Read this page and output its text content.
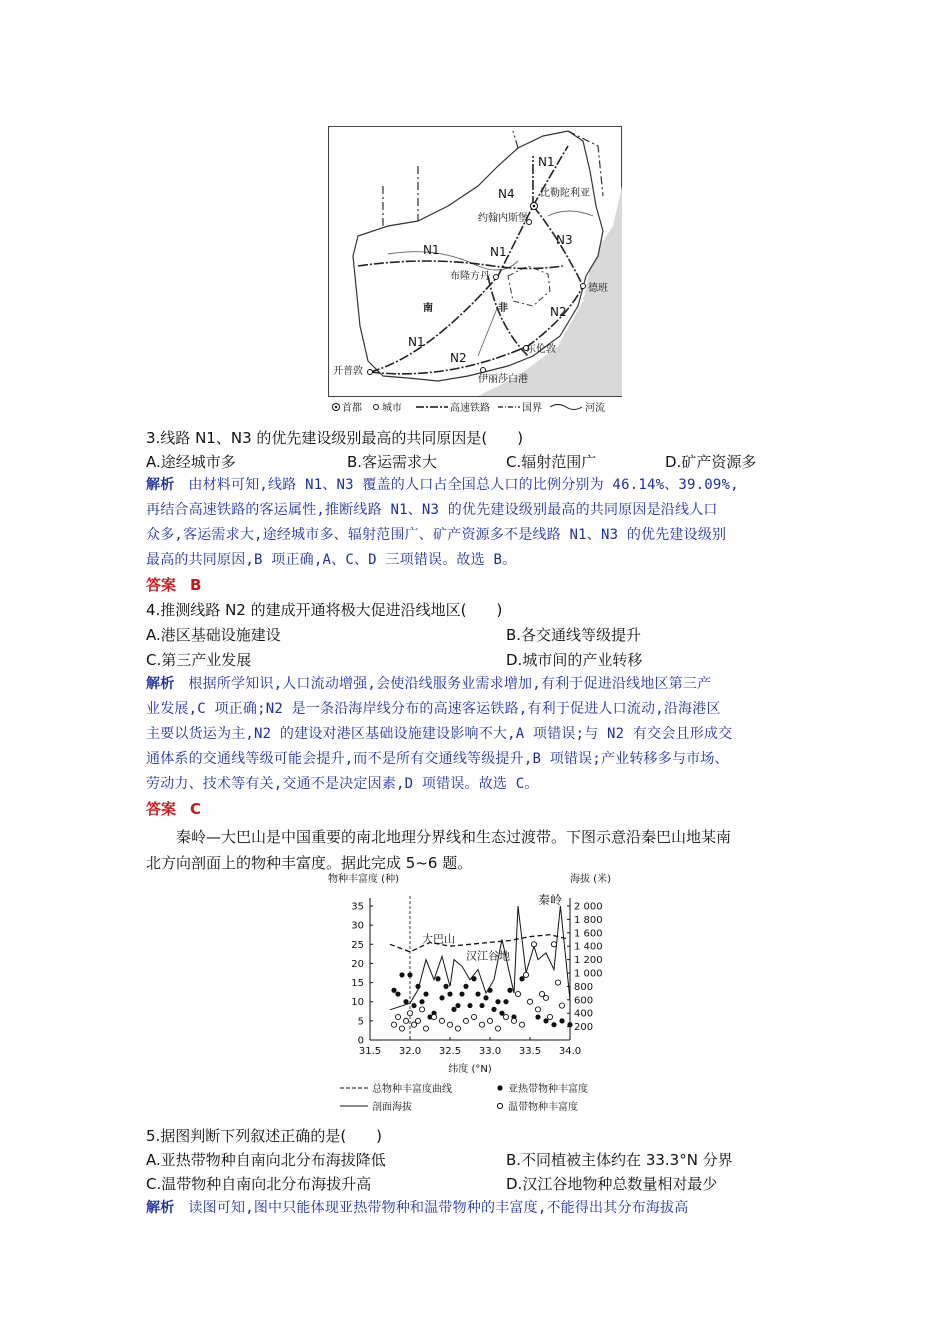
比勒陀利亚
约翰内斯堡
布隆方丹
德班
东伦敦
伊丽莎白港
开普敦
南	非
N1
N4
N1
N3
N1
N2
N1
N2
首都 城市	高速铁路	国界	河流
3.线路 N1、N3 的优先建设级别最高的共同原因是(　　)
A.途经城市多	B.客运需求大	C.辐射范围广	D.矿产资源多
解析 由材料可知,线路 N1、N3 覆盖的人口占全国总人口的比例分别为 46.14%、39.09%,
再结合高速铁路的客运属性,推断线路 N1、N3 的优先建设级别最高的共同原因是沿线人口
众多,客运需求大,途经城市多、辐射范围广、矿产资源多不是线路 N1、N3 的优先建设级别
最高的共同原因,B 项正确,A、C、D 三项错误。故选 B。
答案 B
4.推测线路 N2 的建成开通将极大促进沿线地区(　　)
A.港区基础设施建设	B.各交通线等级提升
C.第三产业发展	D.城市间的产业转移
解析 根据所学知识,人口流动增强,会使沿线服务业需求增加,有利于促进沿线地区第三产
业发展,C 项正确;N2 是一条沿海岸线分布的高速客运铁路,有利于促进人口流动,沿海港区
主要以货运为主,N2 的建设对港区基础设施建设影响不大,A 项错误;与 N2 有交会且形成交
通体系的交通线等级可能会提升,而不是所有交通线等级提升,B 项错误;产业转移多与市场、
劳动力、技术等有关,交通不是决定因素,D 项错误。故选 C。
答案 C
秦岭—大巴山是中国重要的南北地理分界线和生态过渡带。下图示意沿秦巴山地某南
北方向剖面上的物种丰富度。据此完成 5~6 题。
0
5
10
15
20
25
30
35
200
400
600
800
1 000
1 200
1 400
1 600
1 800
2 000
31.5 32.0 32.5 33.0 33.5 34.0
物种丰富度 (种)	海拔 (米)
纬度 (°N)
秦岭
大巴山
汉江谷地
总物种丰富度曲线	亚热带物种丰富度
剖面海拔	温带物种丰富度
5.据图判断下列叙述正确的是(　　)
A.亚热带物种自南向北分布海拔降低	B.不同植被主体约在 33.3°N 分界
C.温带物种自南向北分布海拔升高	D.汉江谷地物种总数量相对最少
解析 读图可知,图中只能体现亚热带物种和温带物种的丰富度,不能得出其分布海拔高
